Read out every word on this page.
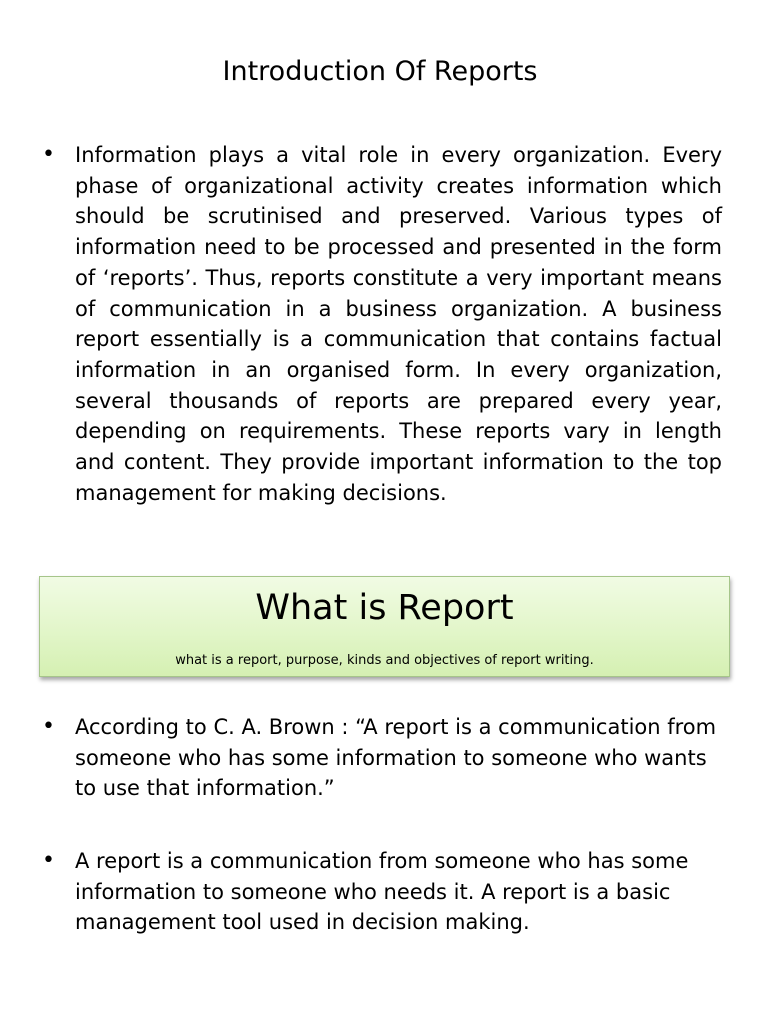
Introduction Of Reports
• Information plays a vital role in every organization. Every phase of organizational activity creates information which should be scrutinised and preserved. Various types of information need to be processed and presented in the form of ‘reports’. Thus, reports constitute a very important means of communication in a business organization. A business report essentially is a communication that contains factual information in an organised form. In every organization, several thousands of reports are prepared every year, depending on requirements. These reports vary in length and content. They provide important information to the top management for making decisions.
What is Report
what is a report, purpose, kinds and objectives of report writing.
• According to C. A. Brown : “A report is a communication from someone who has some information to someone who wants to use that information.”
• A report is a communication from someone who has some information to someone who needs it. A report is a basic management tool used in decision making.
